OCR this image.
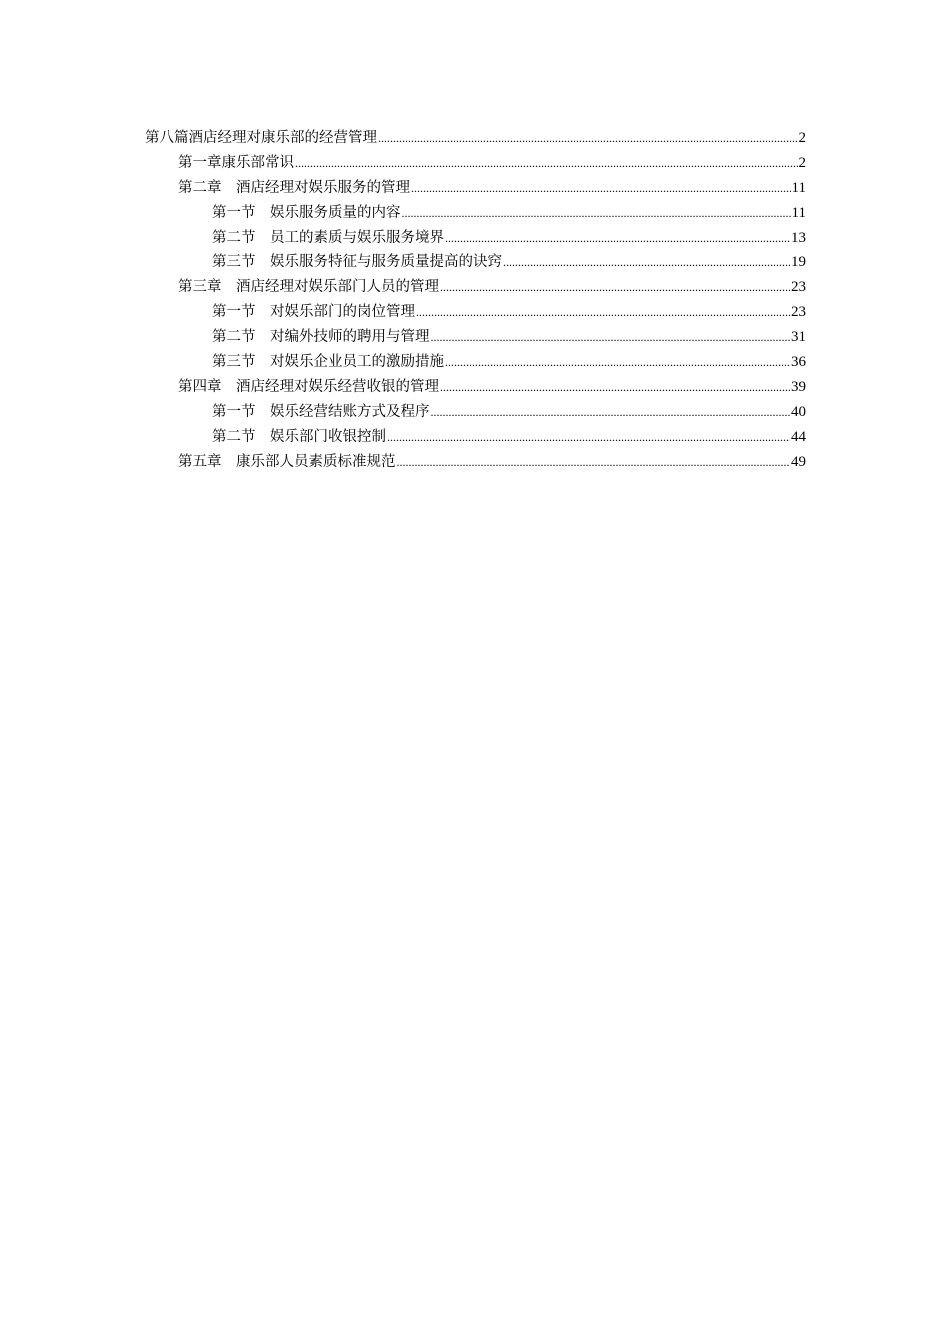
第八篇酒店经理对康乐部的经营管理 .....	2
第一章康乐部常识 .....	2
第二章　酒店经理对娱乐服务的管理 .....	11
第一节　娱乐服务质量的内容 .....	11
第二节　员工的素质与娱乐服务境界 .....	13
第三节　娱乐服务特征与服务质量提高的诀窍 .....	19
第三章　酒店经理对娱乐部门人员的管理 .....	23
第一节　对娱乐部门的岗位管理 .....	23
第二节　对编外技师的聘用与管理 .....	31
第三节　对娱乐企业员工的激励措施 .....	36
第四章　酒店经理对娱乐经营收银的管理 .....	39
第一节　娱乐经营结账方式及程序 .....	40
第二节　娱乐部门收银控制 .....	44
第五章　康乐部人员素质标准规范 .....	49
